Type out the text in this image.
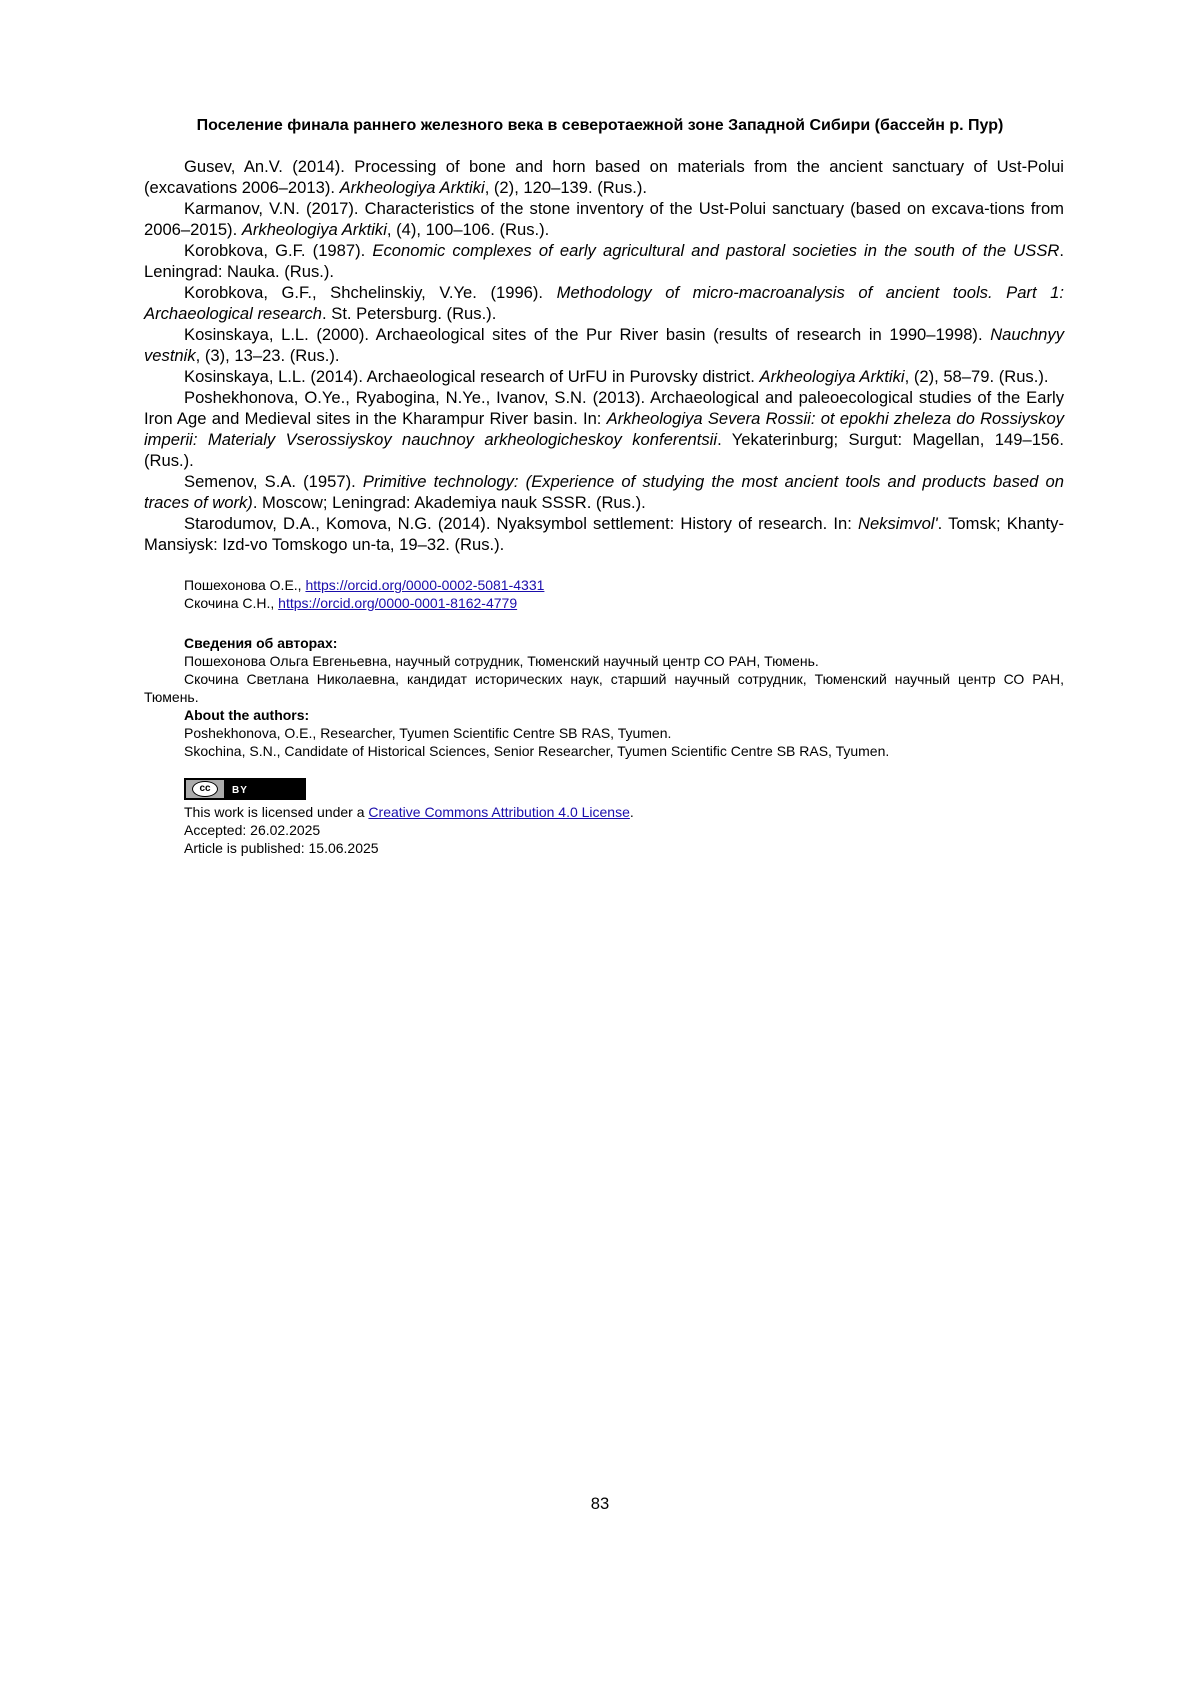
Поселение финала раннего железного века в северотаежной зоне Западной Сибири (бассейн р. Пур)

Gusev, An.V. (2014). Processing of bone and horn based on materials from the ancient sanctuary of Ust-Polui (excavations 2006–2013). Arkheologiya Arktiki, (2), 120–139. (Rus.).

Karmanov, V.N. (2017). Characteristics of the stone inventory of the Ust-Polui sanctuary (based on excava-tions from 2006–2015). Arkheologiya Arktiki, (4), 100–106. (Rus.).

Korobkova, G.F. (1987). Economic complexes of early agricultural and pastoral societies in the south of the USSR. Leningrad: Nauka. (Rus.).

Korobkova, G.F., Shchelinskiy, V.Ye. (1996). Methodology of micro-macroanalysis of ancient tools. Part 1: Archaeological research. St. Petersburg. (Rus.).

Kosinskaya, L.L. (2000). Archaeological sites of the Pur River basin (results of research in 1990–1998). Nauchnyy vestnik, (3), 13–23. (Rus.).

Kosinskaya, L.L. (2014). Archaeological research of UrFU in Purovsky district. Arkheologiya Arktiki, (2), 58–79. (Rus.).

Poshekhonova, O.Ye., Ryabogina, N.Ye., Ivanov, S.N. (2013). Archaeological and paleoecological studies of the Early Iron Age and Medieval sites in the Kharampur River basin. In: Arkheologiya Severa Rossii: ot epokhi zheleza do Rossiyskoy imperii: Materialy Vserossiyskoy nauchnoy arkheologicheskoy konferentsii. Yekaterinburg; Surgut: Magellan, 149–156. (Rus.).

Semenov, S.A. (1957). Primitive technology: (Experience of studying the most ancient tools and products based on traces of work). Moscow; Leningrad: Akademiya nauk SSSR. (Rus.).

Starodumov, D.A., Komova, N.G. (2014). Nyaksymbol settlement: History of research. In: Neksimvol'. Tomsk; Khanty-Mansiysk: Izd-vo Tomskogo un-ta, 19–32. (Rus.).

Пошехонова О.Е., https://orcid.org/0000-0002-5081-4331

Скочина С.Н., https://orcid.org/0000-0001-8162-4779

Сведения об авторах:

Пошехонова Ольга Евгеньевна, научный сотрудник, Тюменский научный центр СО РАН, Тюмень.

Скочина Светлана Николаевна, кандидат исторических наук, старший научный сотрудник, Тюменский научный центр СО РАН, Тюмень.

About the authors:

Poshekhonova, O.E., Researcher, Tyumen Scientific Centre SB RAS, Tyumen.

Skochina, S.N., Candidate of Historical Sciences, Senior Researcher, Tyumen Scientific Centre SB RAS, Tyumen.

cc	BY

This work is licensed under a Creative Commons Attribution 4.0 License.

Accepted: 26.02.2025

Article is published: 15.06.2025

83
